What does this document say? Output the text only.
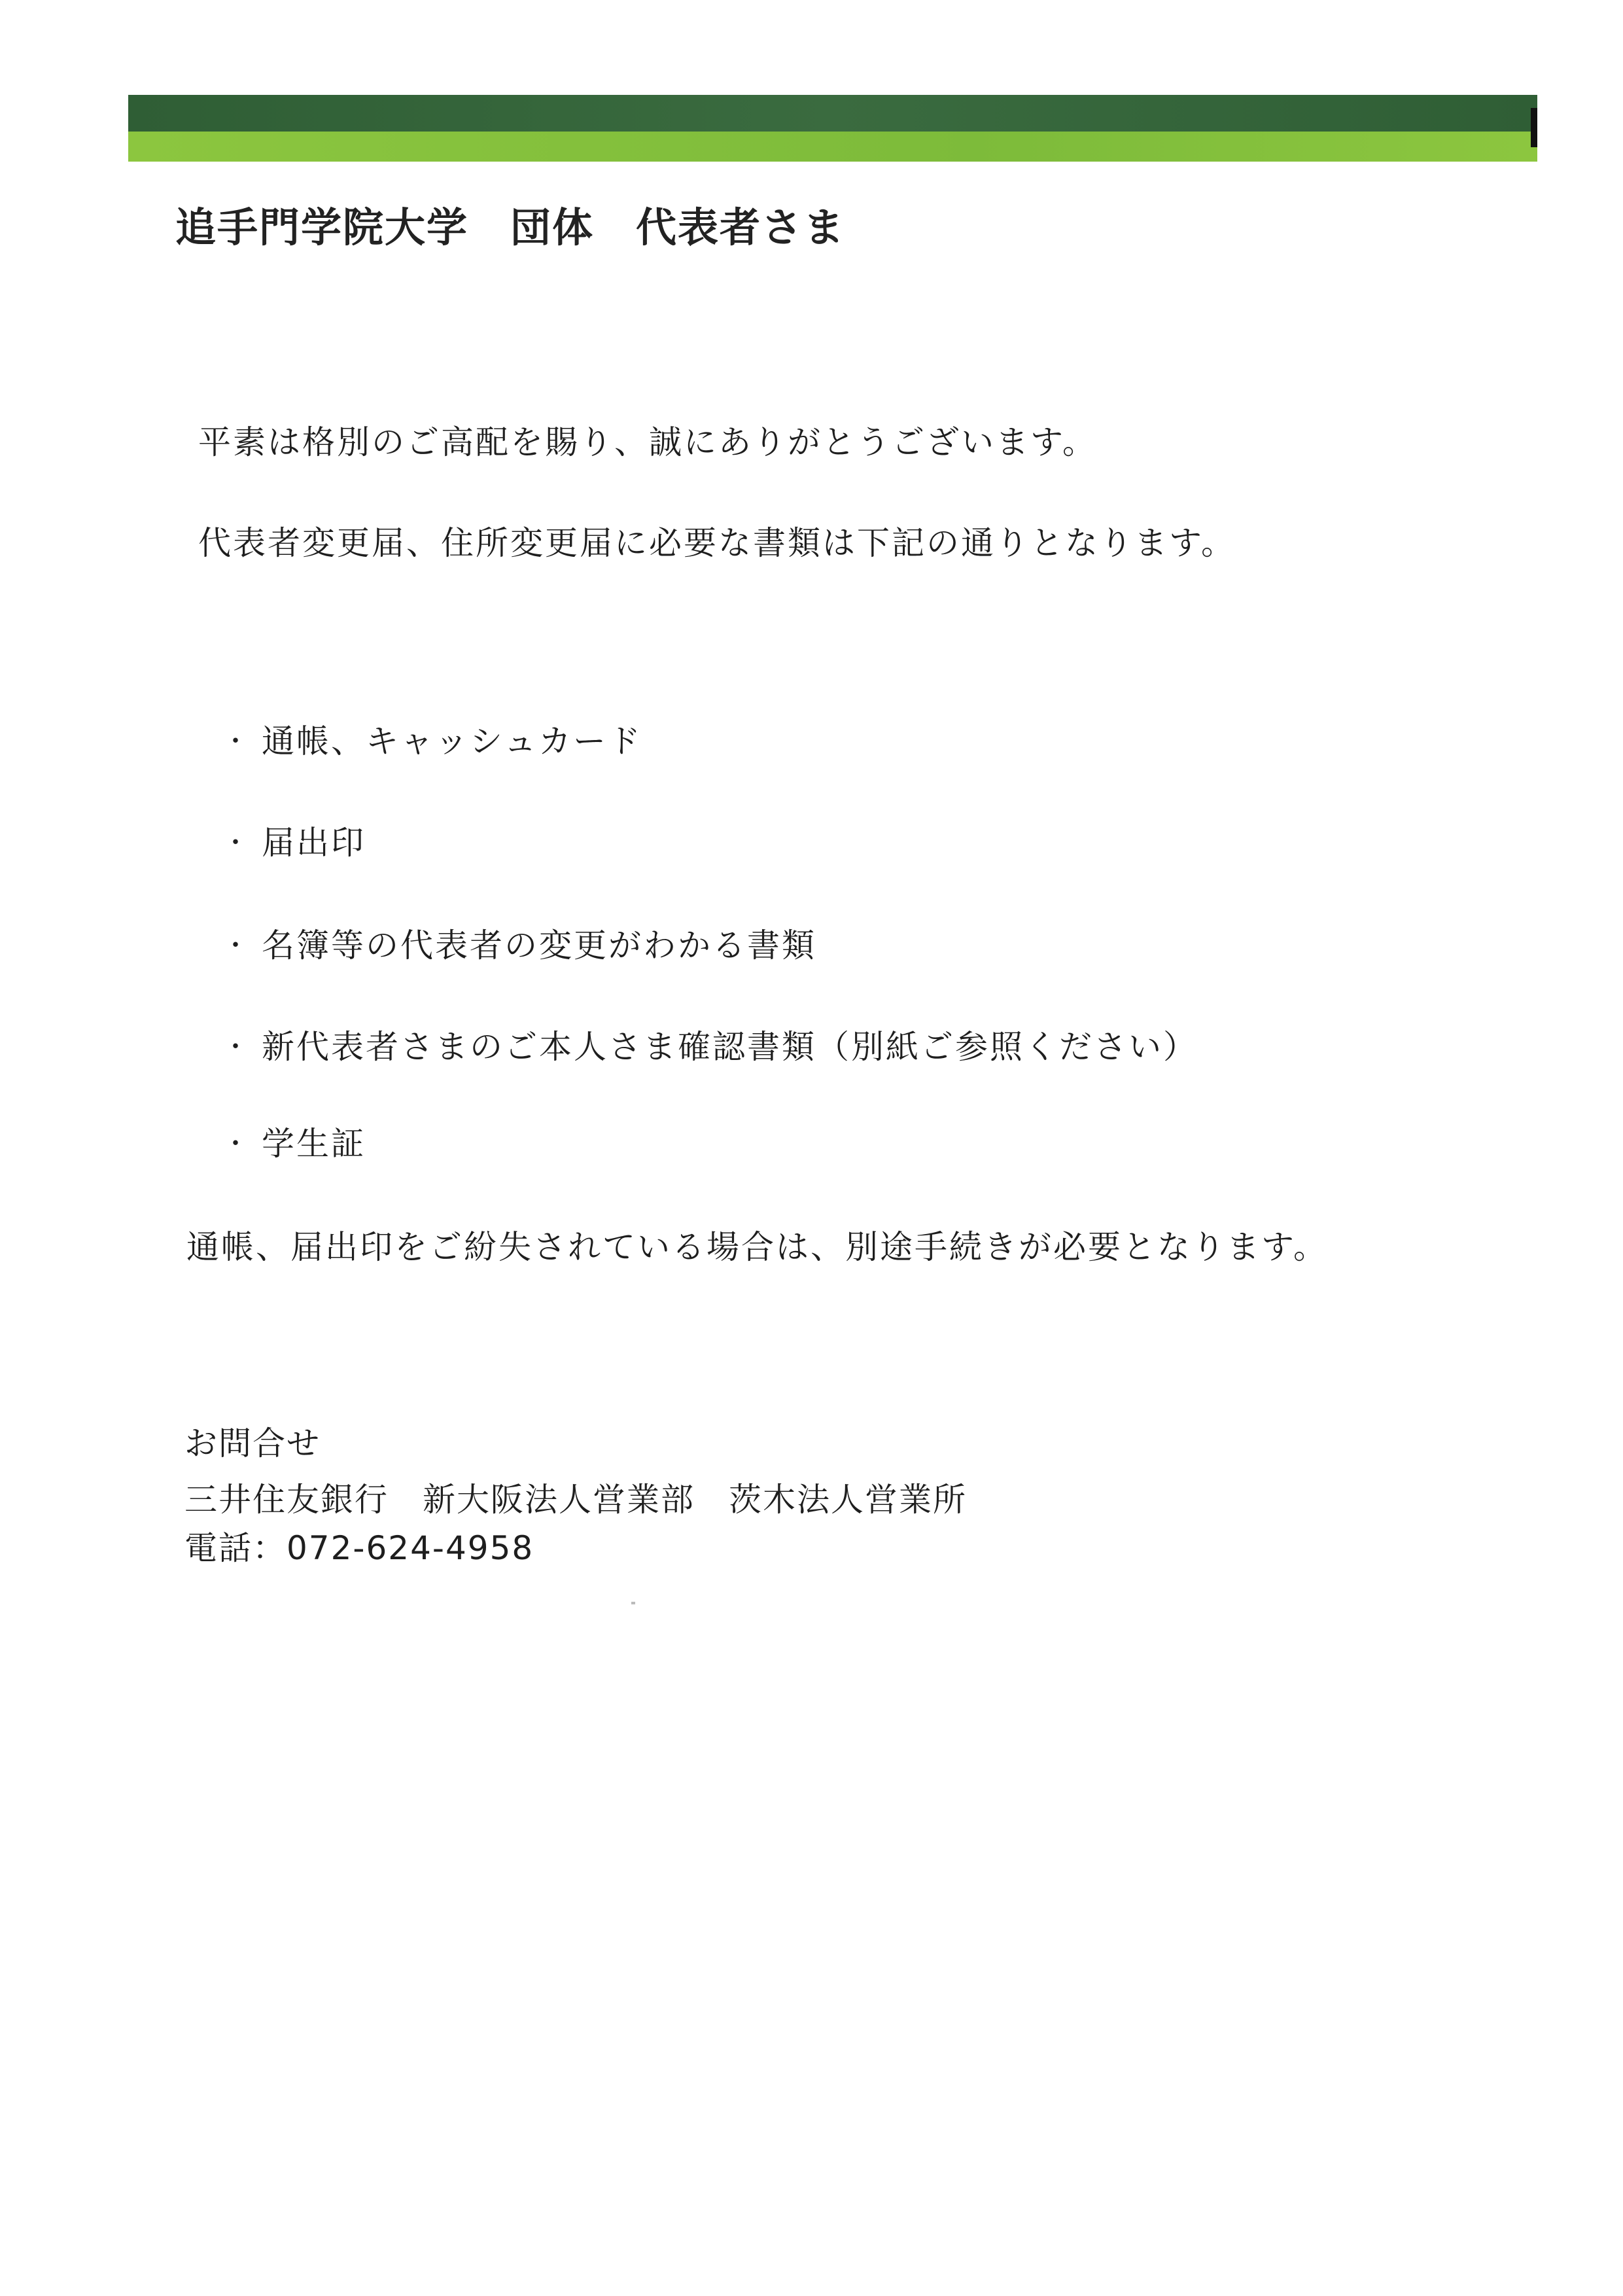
追手門学院大学　団体　代表者さま
平素は格別のご高配を賜り、誠にありがとうございます。
代表者変更届、住所変更届に必要な書類は下記の通りとなります。
・ 通帳、キャッシュカード
・ 届出印
・ 名簿等の代表者の変更がわかる書類
・ 新代表者さまのご本人さま確認書類（別紙ご参照ください）
・ 学生証
通帳、届出印をご紛失されている場合は、別途手続きが必要となります。
お問合せ
三井住友銀行　新大阪法人営業部　茨木法人営業所
電話：072-624-4958
